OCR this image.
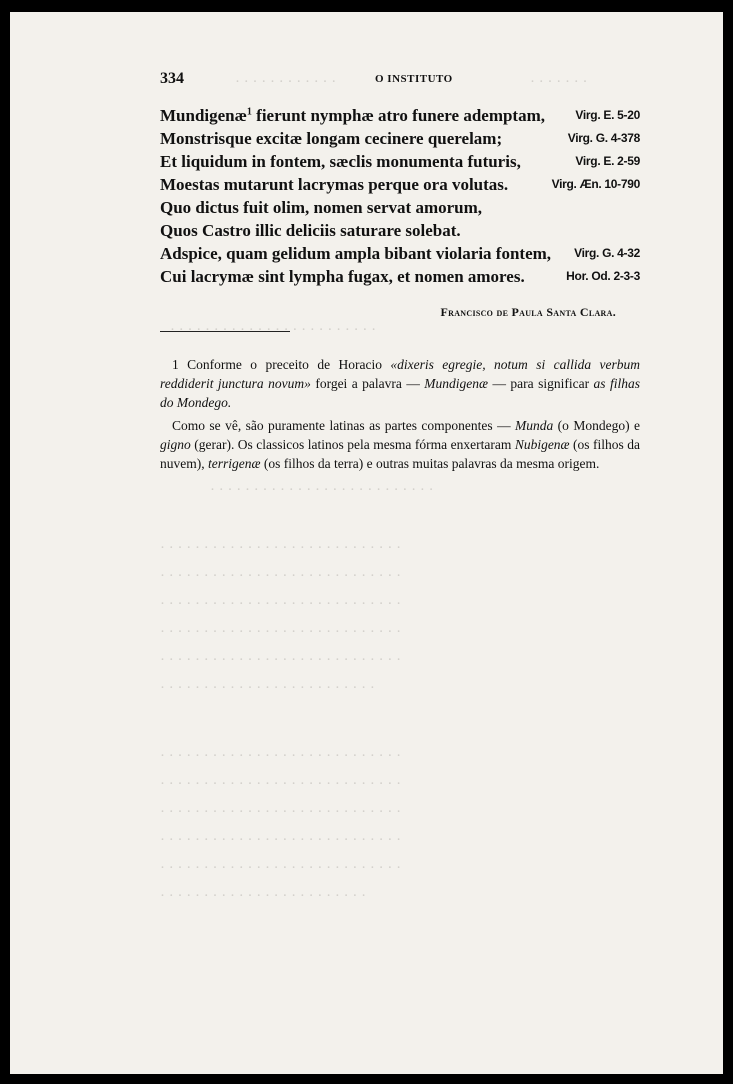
· · · · · · · · · · · ·	· · · · · · ·
· · · · · · · · · · · · · · · · · · · · · · · ·
· · · · · · · · · · · · · · · · · · · · · · · · · ·
· · · · · · · · · · · · · · · · · · · · · · · · · · · ·
· · · · · · · · · · · · · · · · · · · · · · · · · · · ·
· · · · · · · · · · · · · · · · · · · · · · · · · · · ·
· · · · · · · · · · · · · · · · · · · · · · · · · · · ·
· · · · · · · · · · · · · · · · · · · · · · · · · · · ·
· · · · · · · · · · · · · · · · · · · · · · · · ·
· · · · · · · · · · · · · · · · · · · · · · · · · · · ·
· · · · · · · · · · · · · · · · · · · · · · · · · · · ·
· · · · · · · · · · · · · · · · · · · · · · · · · · · ·
· · · · · · · · · · · · · · · · · · · · · · · · · · · ·
· · · · · · · · · · · · · · · · · · · · · · · · · · · ·
· · · · · · · · · · · · · · · · · · · · · · · ·
334	O INSTITUTO
Mundigenæ$^1$ fierunt nymphæ atro funere ademptam,	Virg. E. 5-20
Monstrisque excitæ longam cecinere querelam;	Virg. G. 4-378
Et liquidum in fontem, sæclis monumenta futuris,	Virg. E. 2-59
Moestas mutarunt lacrymas perque ora volutas.	Virg. Æn. 10-790
Quo dictus fuit olim, nomen servat amorum,
Quos Castro illic deliciis saturare solebat.
Adspice, quam gelidum ampla bibant violaria fontem, Virg. G. 4-32
Cui lacrymæ sint lympha fugax, et nomen amores.	Hor. Od. 2-3-3
Francisco de Paula Santa Clara.

1 Conforme o preceito de Horacio «dixeris egregie, notum si callida verbum reddiderit junctura novum» forgei a palavra — Mundigenæ — para significar as filhas do Mondego.

Como se vê, são puramente latinas as partes componentes — Munda (o Mondego) e gigno (gerar). Os classicos latinos pela mesma fórma enxertaram Nubigenæ (os filhos da nuvem), terrigenæ (os filhos da terra) e outras muitas palavras da mesma origem.
